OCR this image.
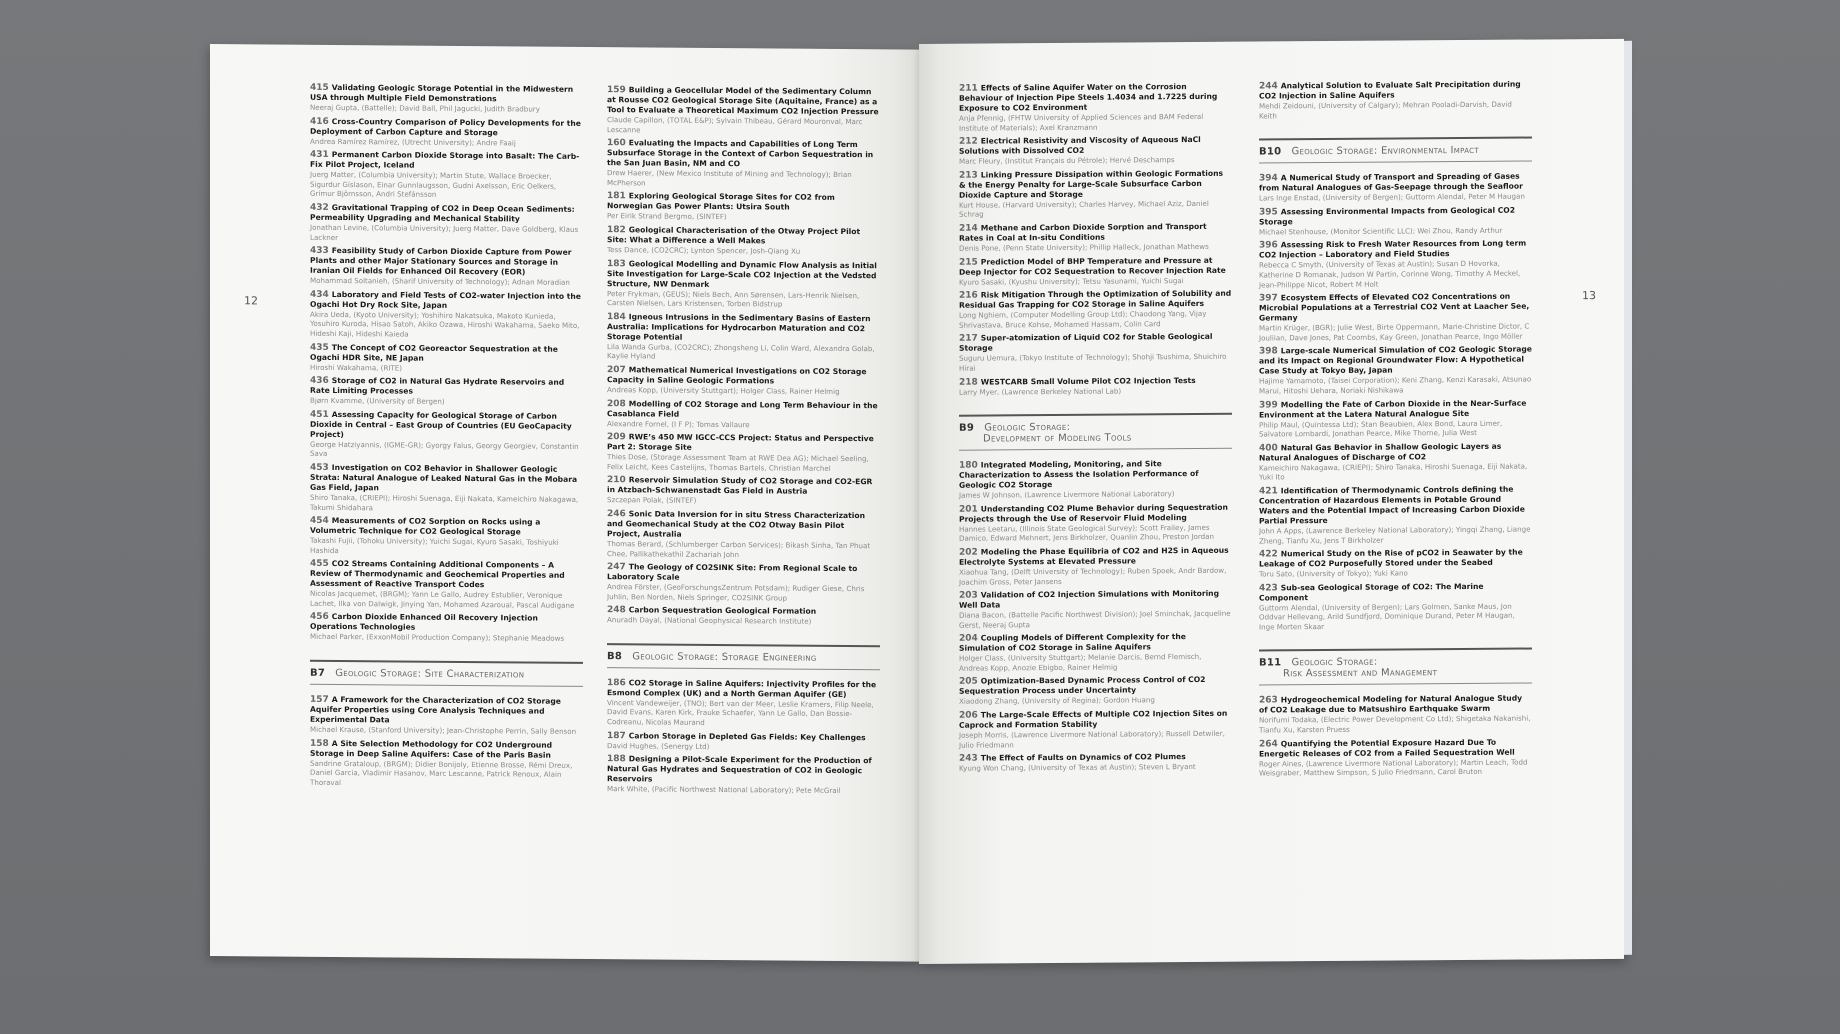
12
415 Validating Geologic Storage Potential in the Midwestern USA through Multiple Field Demonstrations
Neeraj Gupta, (Battelle); David Ball, Phil Jagucki, Judith Bradbury
416 Cross-Country Comparison of Policy Developments for the Deployment of Carbon Capture and Storage
Andrea Ramírez Ramírez, (Utrecht University); Andre Faaij
431 Permanent Carbon Dioxide Storage into Basalt: The Carb-Fix Pilot Project, Iceland
Juerg Matter, (Columbia University); Martin Stute, Wallace Broecker, Sigurdur Gíslason, Einar Gunnlaugsson, Gudni Axelsson, Eric Oelkers, Grímur Björnsson, Andri Stefánsson
432 Gravitational Trapping of CO2 in Deep Ocean Sediments: Permeability Upgrading and Mechanical Stability
Jonathan Levine, (Columbia University); Juerg Matter, Dave Goldberg, Klaus Lackner
433 Feasibility Study of Carbon Dioxide Capture from Power Plants and other Major Stationary Sources and Storage in Iranian Oil Fields for Enhanced Oil Recovery (EOR)
Mohammad Soltanieh, (Sharif University of Technology); Adnan Moradian
434 Laboratory and Field Tests of CO2-water Injection into the Ogachi Hot Dry Rock Site, Japan
Akira Ueda, (Kyoto University); Yoshihiro Nakatsuka, Makoto Kunieda, Yosuhiro Kuroda, Hisao Satoh, Akiko Ozawa, Hiroshi Wakahama, Saeko Mito, Hideshi Kaji, Hideshi Kaieda
435 The Concept of CO2 Georeactor Sequestration at the Ogachi HDR Site, NE Japan
Hiroshi Wakahama, (RITE)
436 Storage of CO2 in Natural Gas Hydrate Reservoirs and Rate Limiting Processes
Bjørn Kvamme, (University of Bergen)
451 Assessing Capacity for Geological Storage of Carbon Dioxide in Central – East Group of Countries (EU GeoCapacity Project)
George Hatziyannis, (IGME-GR); Gyorgy Falus, Georgy Georgiev, Constantin Sava
453 Investigation on CO2 Behavior in Shallower Geologic Strata: Natural Analogue of Leaked Natural Gas in the Mobara Gas Field, Japan
Shiro Tanaka, (CRIEPI); Hiroshi Suenaga, Eiji Nakata, Kameichiro Nakagawa, Takumi Shidahara
454 Measurements of CO2 Sorption on Rocks using a Volumetric Technique for CO2 Geological Storage
Takashi Fujii, (Tohoku University); Yuichi Sugai, Kyuro Sasaki, Toshiyuki Hashida
455 CO2 Streams Containing Additional Components – A Review of Thermodynamic and Geochemical Properties and Assessment of Reactive Transport Codes
Nicolas Jacquemet, (BRGM); Yann Le Gallo, Audrey Estublier, Veronique Lachet, Ilka von Dalwigk, Jinying Yan, Mohamed Azaroual, Pascal Audigane
456 Carbon Dioxide Enhanced Oil Recovery Injection Operations Technologies
Michael Parker, (ExxonMobil Production Company); Stephanie Meadows
B7 Geologic Storage: Site Characterization
157 A Framework for the Characterization of CO2 Storage Aquifer Properties using Core Analysis Techniques and Experimental Data
Michael Krause, (Stanford University); Jean-Christophe Perrin, Sally Benson
158 A Site Selection Methodology for CO2 Underground Storage in Deep Saline Aquifers: Case of the Paris Basin
Sandrine Grataloup, (BRGM); Didier Bonijoly, Etienne Brosse, Rémi Dreux, Daniel Garcia, Vladimir Hasanov, Marc Lescanne, Patrick Renoux, Alain Thoraval
159 Building a Geocellular Model of the Sedimentary Column at Rousse CO2 Geological Storage Site (Aquitaine, France) as a Tool to Evaluate a Theoretical Maximum CO2 Injection Pressure
Claude Capillon, (TOTAL E&P); Sylvain Thibeau, Gérard Mouronval, Marc Lescanne
160 Evaluating the Impacts and Capabilities of Long Term Subsurface Storage in the Context of Carbon Sequestration in the San Juan Basin, NM and CO
Drew Haerer, (New Mexico Institute of Mining and Technology); Brian McPherson
181 Exploring Geological Storage Sites for CO2 from Norwegian Gas Power Plants: Utsira South
Per Eirik Strand Bergmo, (SINTEF)
182 Geological Characterisation of the Otway Project Pilot Site: What a Difference a Well Makes
Tess Dance, (CO2CRC); Lynton Spencer, Josh-Qiang Xu
183 Geological Modelling and Dynamic Flow Analysis as Initial Site Investigation for Large-Scale CO2 Injection at the Vedsted Structure, NW Denmark
Peter Frykman, (GEUS); Niels Bech, Ann Sørensen, Lars-Henrik Nielsen, Carsten Nielsen, Lars Kristensen, Torben Bidstrup
184 Igneous Intrusions in the Sedimentary Basins of Eastern Australia: Implications for Hydrocarbon Maturation and CO2 Storage Potential
Lila Wanda Gurba, (CO2CRC); Zhongsheng Li, Colin Ward, Alexandra Golab, Kaylie Hyland
207 Mathematical Numerical Investigations on CO2 Storage Capacity in Saline Geologic Formations
Andreas Kopp, (University Stuttgart); Holger Class, Rainer Helmig
208 Modelling of CO2 Storage and Long Term Behaviour in the Casablanca Field
Alexandre Fornel, (I F P); Tomas Vallaure
209 RWE’s 450 MW IGCC-CCS Project: Status and Perspective Part 2: Storage Site
Thies Dose, (Storage Assessment Team at RWE Dea AG); Michael Seeling, Felix Leicht, Kees Castelijns, Thomas Bartels, Christian Marchel
210 Reservoir Simulation Study of CO2 Storage and CO2-EGR in Atzbach-Schwanenstadt Gas Field in Austria
Szczepan Polak, (SINTEF)
246 Sonic Data Inversion for in situ Stress Characterization and Geomechanical Study at the CO2 Otway Basin Pilot Project, Australia
Thomas Berard, (Schlumberger Carbon Services); Bikash Sinha, Tan Phuat Chee, Pallikathekathil Zachariah John
247 The Geology of CO2SINK Site: From Regional Scale to Laboratory Scale
Andrea Förster, (GeoForschungsZentrum Potsdam); Rudiger Giese, Chris Juhlin, Ben Norden, Niels Springer, CO2SINK Group
248 Carbon Sequestration Geological Formation
Anuradh Dayal, (National Geophysical Research Institute)
B8 Geologic Storage: Storage Engineering
186 CO2 Storage in Saline Aquifers: Injectivity Profiles for the Esmond Complex (UK) and a North German Aquifer (GE)
Vincent Vandeweijer, (TNO); Bert van der Meer, Leslie Kramers, Filip Neele, David Evans, Karen Kirk, Frauke Schaefer, Yann Le Gallo, Dan Bossie-Codreanu, Nicolas Maurand
187 Carbon Storage in Depleted Gas Fields: Key Challenges
David Hughes, (Senergy Ltd)
188 Designing a Pilot-Scale Experiment for the Production of Natural Gas Hydrates and Sequestration of CO2 in Geologic Reservoirs
Mark White, (Pacific Northwest National Laboratory); Pete McGrail
211 Effects of Saline Aquifer Water on the Corrosion Behaviour of Injection Pipe Steels 1.4034 and 1.7225 during Exposure to CO2 Environment
Anja Pfennig, (FHTW University of Applied Sciences and BAM Federal Institute of Materials); Axel Kranzmann
212 Electrical Resistivity and Viscosity of Aqueous NaCl Solutions with Dissolved CO2
Marc Fleury, (Institut Français du Pétrole); Hervé Deschamps
213 Linking Pressure Dissipation within Geologic Formations & the Energy Penalty for Large-Scale Subsurface Carbon Dioxide Capture and Storage
Kurt House, (Harvard University); Charles Harvey, Michael Aziz, Daniel Schrag
214 Methane and Carbon Dioxide Sorption and Transport Rates in Coal at In-situ Conditions
Denis Pone, (Penn State University); Phillip Halleck, Jonathan Mathews
215 Prediction Model of BHP Temperature and Pressure at Deep Injector for CO2 Sequestration to Recover Injection Rate
Kyuro Sasaki, (Kyushu University); Tetsu Yasunami, Yuichi Sugai
216 Risk Mitigation Through the Optimization of Solubility and Residual Gas Trapping for CO2 Storage in Saline Aquifers
Long Nghiem, (Computer Modelling Group Ltd); Chaodong Yang, Vijay Shrivastava, Bruce Kohse, Mohamed Hassam, Colin Card
217 Super-atomization of Liquid CO2 for Stable Geological Storage
Suguru Uemura, (Tokyo Institute of Technology); Shohji Tsushima, Shuichiro Hirai
218 WESTCARB Small Volume Pilot CO2 Injection Tests
Larry Myer, (Lawrence Berkeley National Lab)
B9 Geologic Storage:
Development of Modeling Tools
180 Integrated Modeling, Monitoring, and Site Characterization to Assess the Isolation Performance of Geologic CO2 Storage
James W Johnson, (Lawrence Livermore National Laboratory)
201 Understanding CO2 Plume Behavior during Sequestration Projects through the Use of Reservoir Fluid Modeling
Hannes Leetaru, (Illinois State Geological Survey); Scott Frailey, James Damico, Edward Mehnert, Jens Birkholzer, Quanlin Zhou, Preston Jordan
202 Modeling the Phase Equilibria of CO2 and H2S in Aqueous Electrolyte Systems at Elevated Pressure
Xiaohua Tang, (Delft University of Technology); Ruben Spoek, Andr Bardow, Joachim Gross, Peter Jansens
203 Validation of CO2 Injection Simulations with Monitoring Well Data
Diana Bacon, (Battelle Pacific Northwest Division); Joel Sminchak, Jacqueline Gerst, Neeraj Gupta
204 Coupling Models of Different Complexity for the Simulation of CO2 Storage in Saline Aquifers
Holger Class, (University Stuttgart); Melanie Darcis, Bernd Flemisch, Andreas Kopp, Anozie Ebigbo, Rainer Helmig
205 Optimization-Based Dynamic Process Control of CO2 Sequestration Process under Uncertainty
Xiaodong Zhang, (University of Regina); Gordon Huang
206 The Large-Scale Effects of Multiple CO2 Injection Sites on Caprock and Formation Stability
Joseph Morris, (Lawrence Livermore National Laboratory); Russell Detwiler, Julio Friedmann
243 The Effect of Faults on Dynamics of CO2 Plumes
Kyung Won Chang, (University of Texas at Austin); Steven L Bryant
244 Analytical Solution to Evaluate Salt Precipitation during CO2 Injection in Saline Aquifers
Mehdi Zeidouni, (University of Calgary); Mehran Pooladi-Darvish, David Keith
B10 Geologic Storage: Environmental Impact
394 A Numerical Study of Transport and Spreading of Gases from Natural Analogues of Gas-Seepage through the Seafloor
Lars Inge Enstad, (University of Bergen); Guttorm Alendal, Peter M Haugan
395 Assessing Environmental Impacts from Geological CO2 Storage
Michael Stenhouse, (Monitor Scientific LLC); Wei Zhou, Randy Arthur
396 Assessing Risk to Fresh Water Resources from Long term CO2 Injection – Laboratory and Field Studies
Rebecca C Smyth, (University of Texas at Austin); Susan D Hovorka, Katherine D Romanak, Judson W Partin, Corinne Wong, Timothy A Meckel, Jean-Philippe Nicot, Robert M Holt
397 Ecosystem Effects of Elevated CO2 Concentrations on Microbial Populations at a Terrestrial CO2 Vent at Laacher See, Germany
Martin Krüger, (BGR); Julie West, Birte Oppermann, Marie-Christine Dictor, C Jouliian, Dave Jones, Pat Coombs, Kay Green, Jonathan Pearce, Ingo Möller
398 Large-scale Numerical Simulation of CO2 Geologic Storage and its Impact on Regional Groundwater Flow: A Hypothetical Case Study at Tokyo Bay, Japan
Hajime Yamamoto, (Taisei Corporation); Keni Zhang, Kenzi Karasaki, Atsunao Marui, Hitoshi Uehara, Noriaki Nishikawa
399 Modelling the Fate of Carbon Dioxide in the Near-Surface Environment at the Latera Natural Analogue Site
Philip Maul, (Quintessa Ltd); Stan Beaubien, Alex Bond, Laura Limer, Salvatore Lombardi, Jonathan Pearce, Mike Thorne, Julia West
400 Natural Gas Behavior in Shallow Geologic Layers as Natural Analogues of Discharge of CO2
Kameichiro Nakagawa, (CRIEPI); Shiro Tanaka, Hiroshi Suenaga, Eiji Nakata, Yuki Ito
421 Identification of Thermodynamic Controls defining the Concentration of Hazardous Elements in Potable Ground Waters and the Potential Impact of Increasing Carbon Dioxide Partial Pressure
John A Apps, (Lawrence Berkeley National Laboratory); Yingqi Zhang, Liange Zheng, Tianfu Xu, Jens T Birkholzer
422 Numerical Study on the Rise of pCO2 in Seawater by the Leakage of CO2 Purposefully Stored under the Seabed
Toru Sato, (University of Tokyo); Yuki Kano
423 Sub-sea Geological Storage of CO2: The Marine Component
Guttorm Alendal, (University of Bergen); Lars Golmen, Sanke Maus, Jon Oddvar Hellevang, Arild Sundfjord, Dominique Durand, Peter M Haugan, Inge Morten Skaar
B11 Geologic Storage:
Risk Assessment and Management
263 Hydrogeochemical Modeling for Natural Analogue Study of CO2 Leakage due to Matsushiro Earthquake Swarm
Norifumi Todaka, (Electric Power Development Co Ltd); Shigetaka Nakanishi, Tianfu Xu, Karsten Pruess
264 Quantifying the Potential Exposure Hazard Due To Energetic Releases of CO2 from a Failed Sequestration Well
Roger Aines, (Lawrence Livermore National Laboratory); Martin Leach, Todd Weisgraber, Matthew Simpson, S Julio Friedmann, Carol Bruton
13
